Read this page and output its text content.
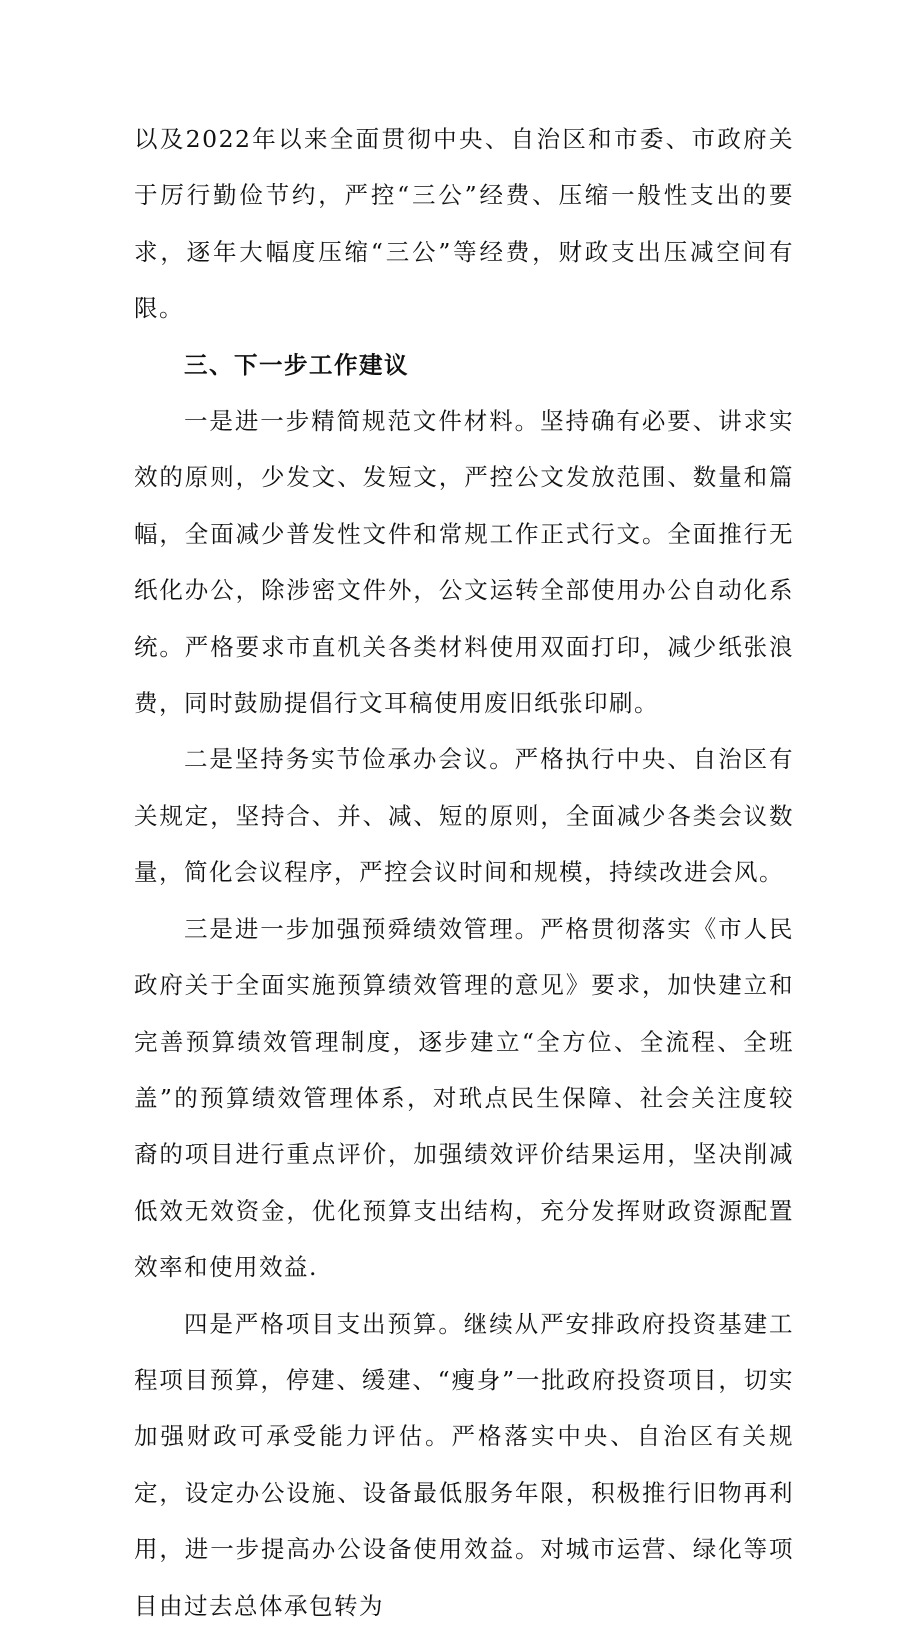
以及2022年以来全面贯彻中央、自治区和市委、市政府关于厉行勤俭节约，严控“三公”经费、压缩一般性支出的要求，逐年大幅度压缩“三公”等经费，财政支出压减空间有限。

三、下一步工作建议

一是进一步精简规范文件材料。坚持确有必要、讲求实效的原则，少发文、发短文，严控公文发放范围、数量和篇幅，全面减少普发性文件和常规工作正式行文。全面推行无纸化办公，除涉密文件外，公文运转全部使用办公自动化系统。严格要求市直机关各类材料使用双面打印，减少纸张浪费，同时鼓励提倡行文耳稿使用废旧纸张印刷。

二是坚持务实节俭承办会议。严格执行中央、自治区有关规定，坚持合、并、减、短的原则，全面减少各类会议数量，简化会议程序，严控会议时间和规模，持续改进会风。

三是进一步加强预舜绩效管理。严格贯彻落实《市人民政府关于全面实施预算绩效管理的意见》要求，加快建立和完善预算绩效管理制度，逐步建立“全方位、全流程、全班盖”的预算绩效管理体系，对玳点民生保障、社会关注度较裔的项目进行重点评价，加强绩效评价结果运用，坚决削减低效无效资金，优化预算支出结构，充分发挥财政资源配置效率和使用效益.

四是严格项目支出预算。继续从严安排政府投资基建工程项目预算，停建、缓建、“瘦身”一批政府投资项目，切实加强财政可承受能力评估。严格落实中央、自治区有关规定，设定办公设施、设备最低服务年限，积极推行旧物再利用，进一步提高办公设备使用效益。对城市运营、绿化等项目由过去总体承包转为
